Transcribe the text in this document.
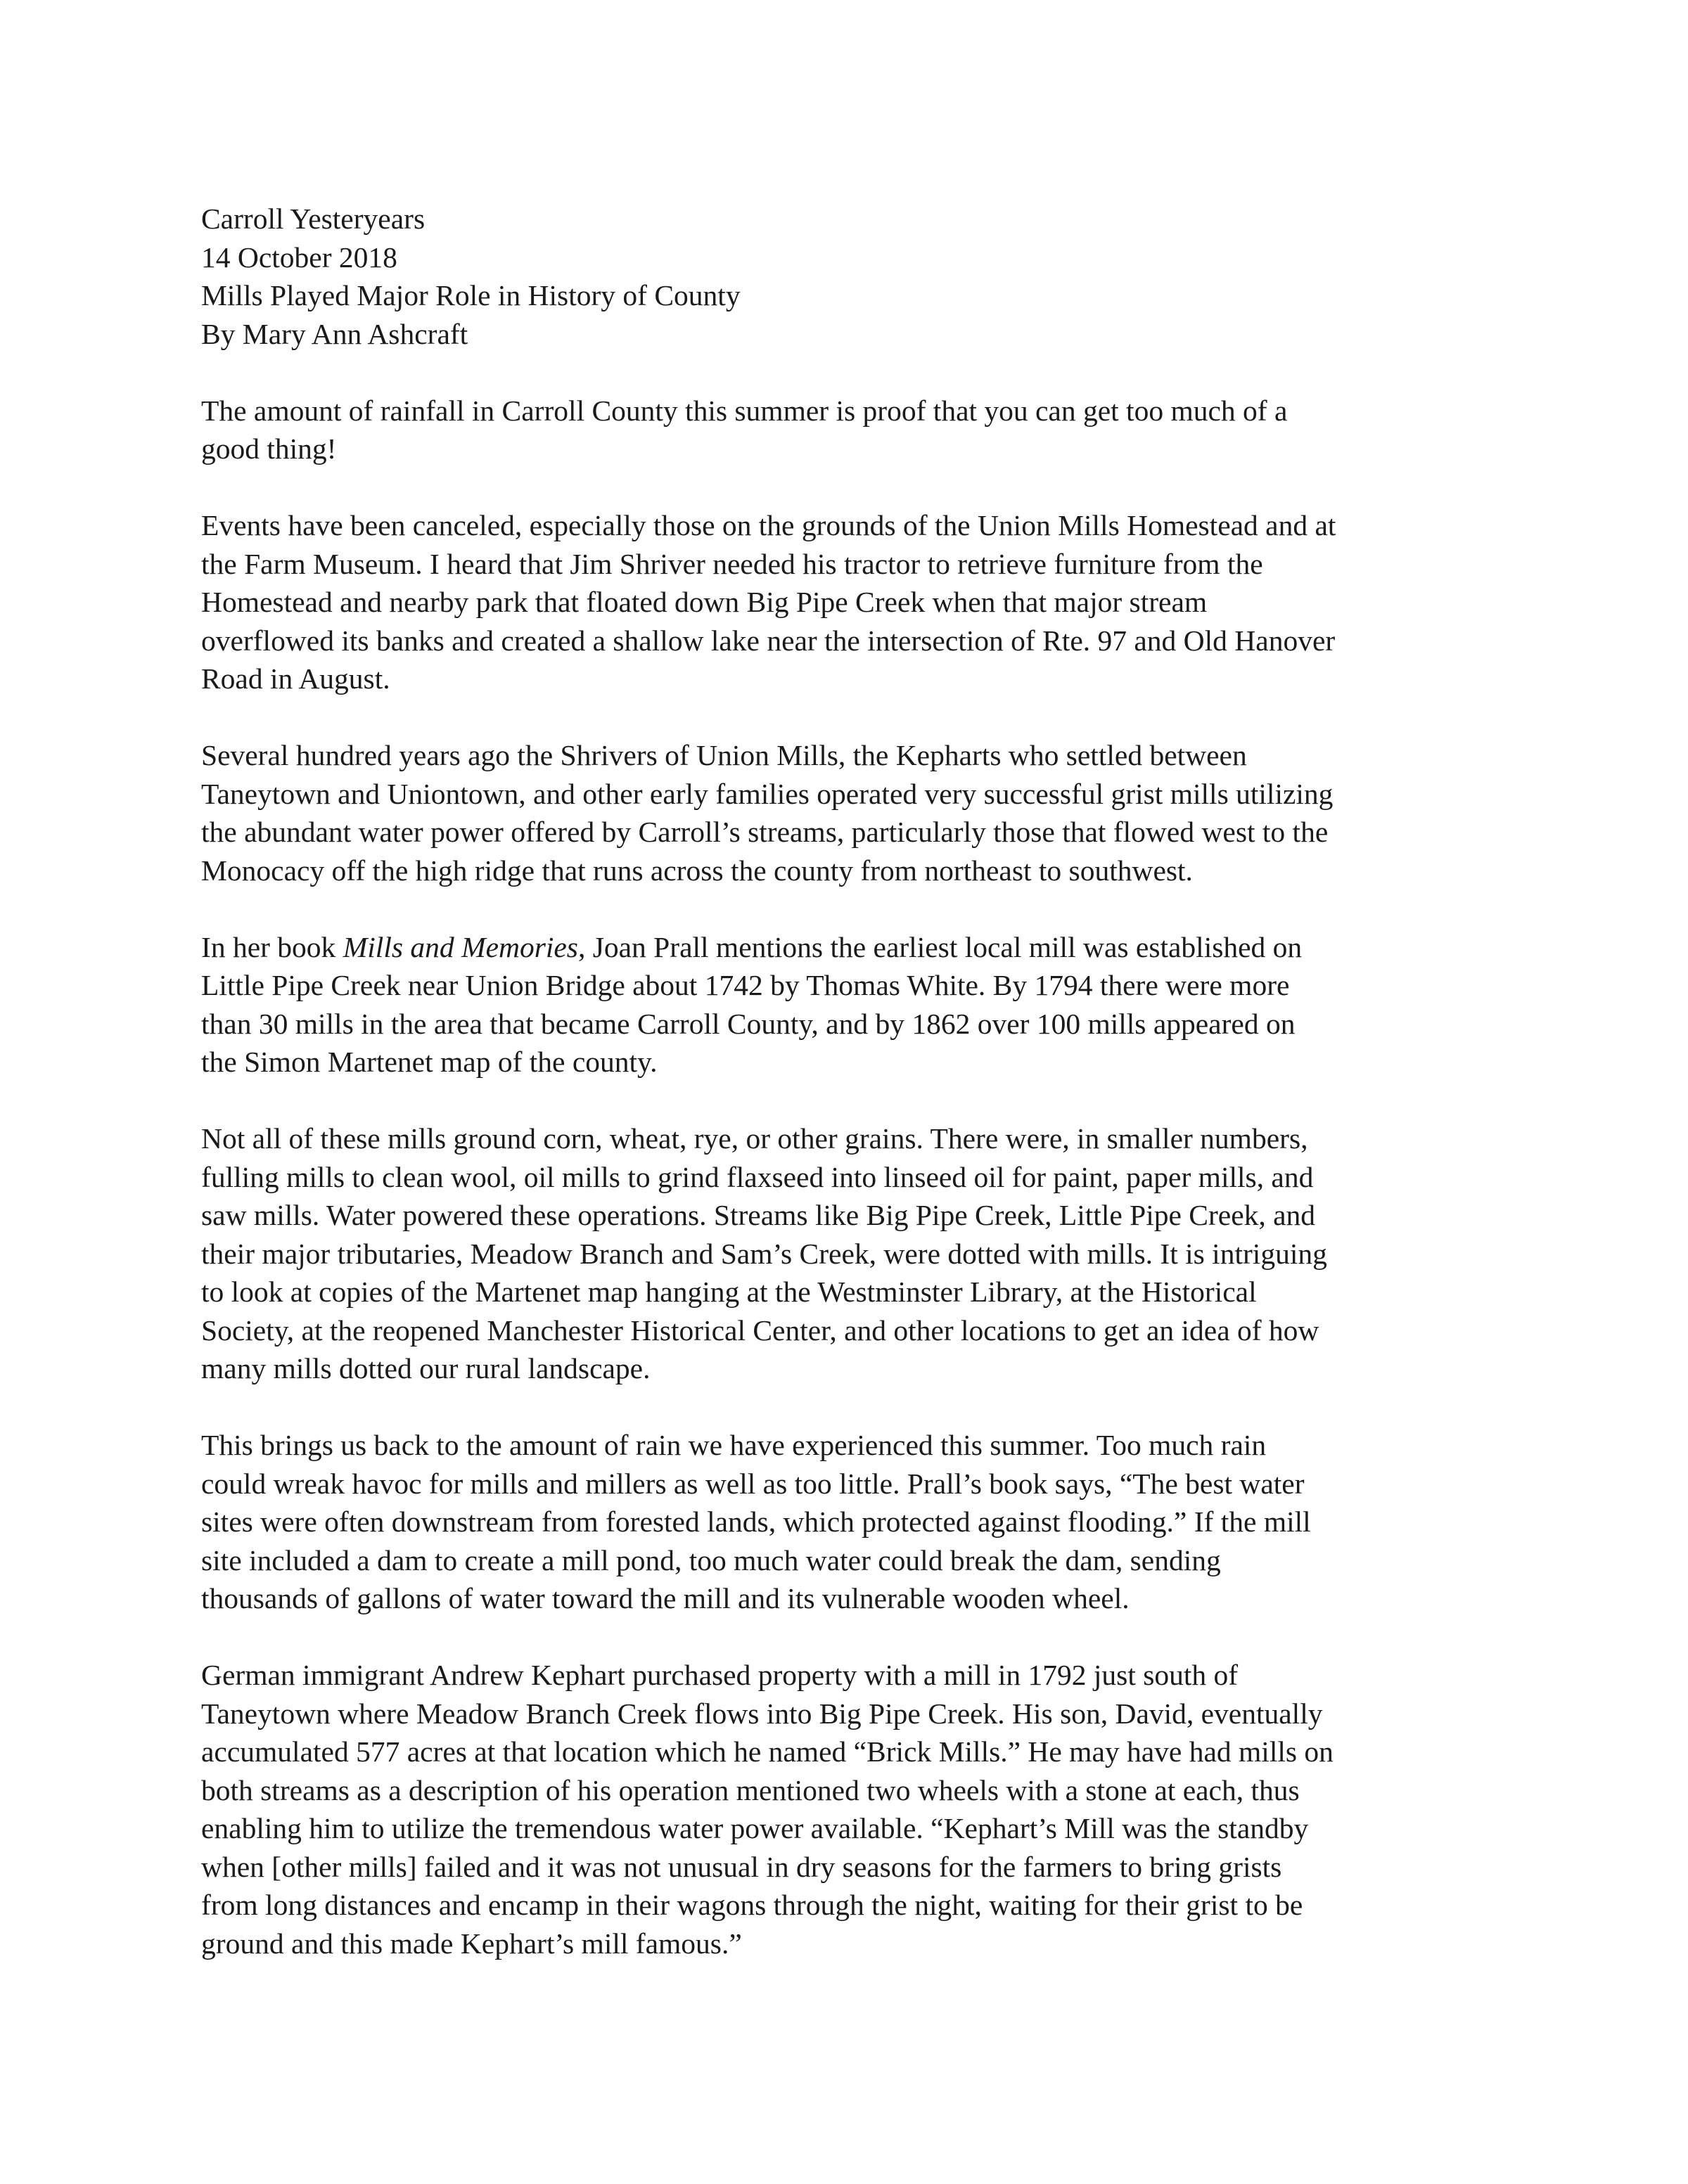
Carroll Yesteryears

14 October 2018

Mills Played Major Role in History of County

By Mary Ann Ashcraft

The amount of rainfall in Carroll County this summer is proof that you can get too much of a
good thing!

Events have been canceled, especially those on the grounds of the Union Mills Homestead and at
the Farm Museum. I heard that Jim Shriver needed his tractor to retrieve furniture from the
Homestead and nearby park that floated down Big Pipe Creek when that major stream
overflowed its banks and created a shallow lake near the intersection of Rte. 97 and Old Hanover
Road in August.

Several hundred years ago the Shrivers of Union Mills, the Kepharts who settled between
Taneytown and Uniontown, and other early families operated very successful grist mills utilizing
the abundant water power offered by Carroll’s streams, particularly those that flowed west to the
Monocacy off the high ridge that runs across the county from northeast to southwest.

In her book Mills and Memories, Joan Prall mentions the earliest local mill was established on
Little Pipe Creek near Union Bridge about 1742 by Thomas White. By 1794 there were more
than 30 mills in the area that became Carroll County, and by 1862 over 100 mills appeared on
the Simon Martenet map of the county.

Not all of these mills ground corn, wheat, rye, or other grains. There were, in smaller numbers,
fulling mills to clean wool, oil mills to grind flaxseed into linseed oil for paint, paper mills, and
saw mills. Water powered these operations. Streams like Big Pipe Creek, Little Pipe Creek, and
their major tributaries, Meadow Branch and Sam’s Creek, were dotted with mills. It is intriguing
to look at copies of the Martenet map hanging at the Westminster Library, at the Historical
Society, at the reopened Manchester Historical Center, and other locations to get an idea of how
many mills dotted our rural landscape.

This brings us back to the amount of rain we have experienced this summer. Too much rain
could wreak havoc for mills and millers as well as too little. Prall’s book says, “The best water
sites were often downstream from forested lands, which protected against flooding.” If the mill
site included a dam to create a mill pond, too much water could break the dam, sending
thousands of gallons of water toward the mill and its vulnerable wooden wheel.

German immigrant Andrew Kephart purchased property with a mill in 1792 just south of
Taneytown where Meadow Branch Creek flows into Big Pipe Creek. His son, David, eventually
accumulated 577 acres at that location which he named “Brick Mills.” He may have had mills on
both streams as a description of his operation mentioned two wheels with a stone at each, thus
enabling him to utilize the tremendous water power available. “Kephart’s Mill was the standby
when [other mills] failed and it was not unusual in dry seasons for the farmers to bring grists
from long distances and encamp in their wagons through the night, waiting for their grist to be
ground and this made Kephart’s mill famous.”
